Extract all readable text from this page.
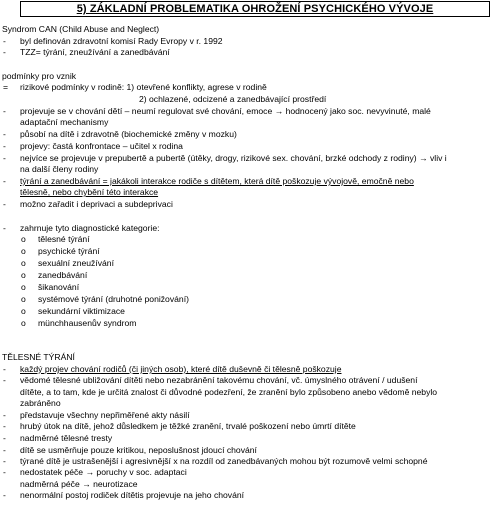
5) ZÁKLADNÍ PROBLEMATIKA OHROŽENÍ PSYCHICKÉHO VÝVOJE
Syndrom CAN (Child Abuse and Neglect)
-	byl definován zdravotní komisí Rady Evropy v r. 1992
-	TZZ= týrání, zneužívání a zanedbávání
podmínky pro vznik
=	rizikové podmínky v rodině: 1) otevřené konflikty, agrese v rodině
2) ochlazené, odcizené a zanedbávající prostředí
-	projevuje se v chování dětí – neumí regulovat své chování, emoce → hodnocený jako soc. nevyvinuté, malé
adaptační mechanismy
-	působí na dítě i zdravotně (biochemické změny v mozku)
-	projevy: častá konfrontace – učitel x rodina
-	nejvíce se projevuje v prepubertě a pubertě (útěky, drogy, rizikové sex. chování, brzké odchody z rodiny) → vliv i
na další členy rodiny
-	týrání a zanedbávání = jakákoli interakce rodiče s dítětem, která dítě poškozuje vývojově, emočně nebo
tělesně, nebo chybění této interakce
-	možno zařadit i deprivaci a subdeprivaci
-	zahrnuje tyto diagnostické kategorie:
o tělesné týrání
o psychické týrání
o sexuální zneužívání
o zanedbávání
o šikanování
o systémové týrání (druhotné ponižování)
o sekundární viktimizace
o münchhausenův syndrom
TĚLESNÉ TÝRÁNÍ
-	každý projev chování rodičů (či jiných osob), které dítě duševně či tělesně poškozuje
-	vědomé tělesné ubližování dítěti nebo nezabránění takovému chování, vč. úmyslného otrávení / udušení
dítěte, a to tam, kde je určitá znalost či důvodné podezření, že zranění bylo způsobeno anebo vědomě nebylo
zabráněno
-	představuje všechny nepřiměřené akty násilí
-	hrubý útok na dítě, jehož důsledkem je těžké zranění, trvalé poškození nebo úmrtí dítěte
-	nadměrné tělesné tresty
-	dítě se usměrňuje pouze kritikou, neposlušnost jdoucí chování
-	týrané dítě je ustrašenější i agresivnější x na rozdíl od zanedbávaných mohou být rozumově velmi schopné
-	nedostatek péče → poruchy v soc. adaptaci
nadměrná péče → neurotizace
-	nenormální postoj rodiček dítětis projevuje na jeho chování
